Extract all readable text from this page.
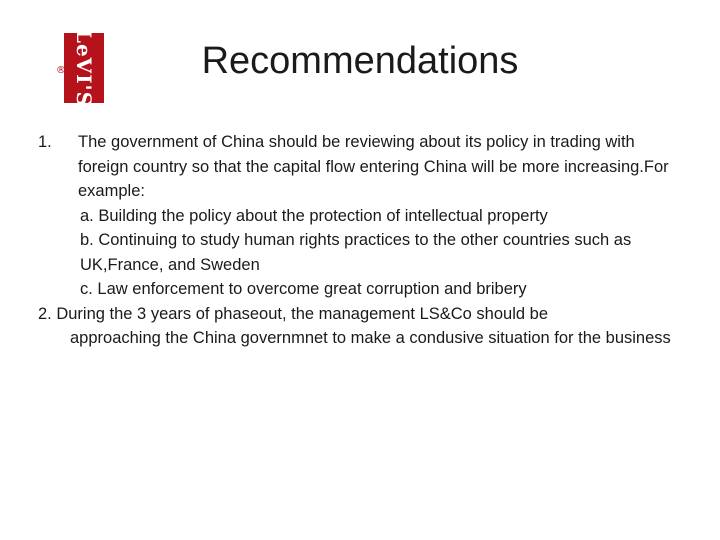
LeVI'S
®	Recommendations
1. The government of China should be reviewing about its policy in trading with foreign country so that the capital flow entering China will be more increasing.For example:
a. Building the policy about the protection of intellectual property
b. Continuing to study human rights practices to the other countries such as UK,France, and Sweden
c. Law enforcement to overcome great corruption and bribery
2. During the 3 years of phaseout, the management LS&Co should be
approaching the China governmnet to make a condusive situation for the business
